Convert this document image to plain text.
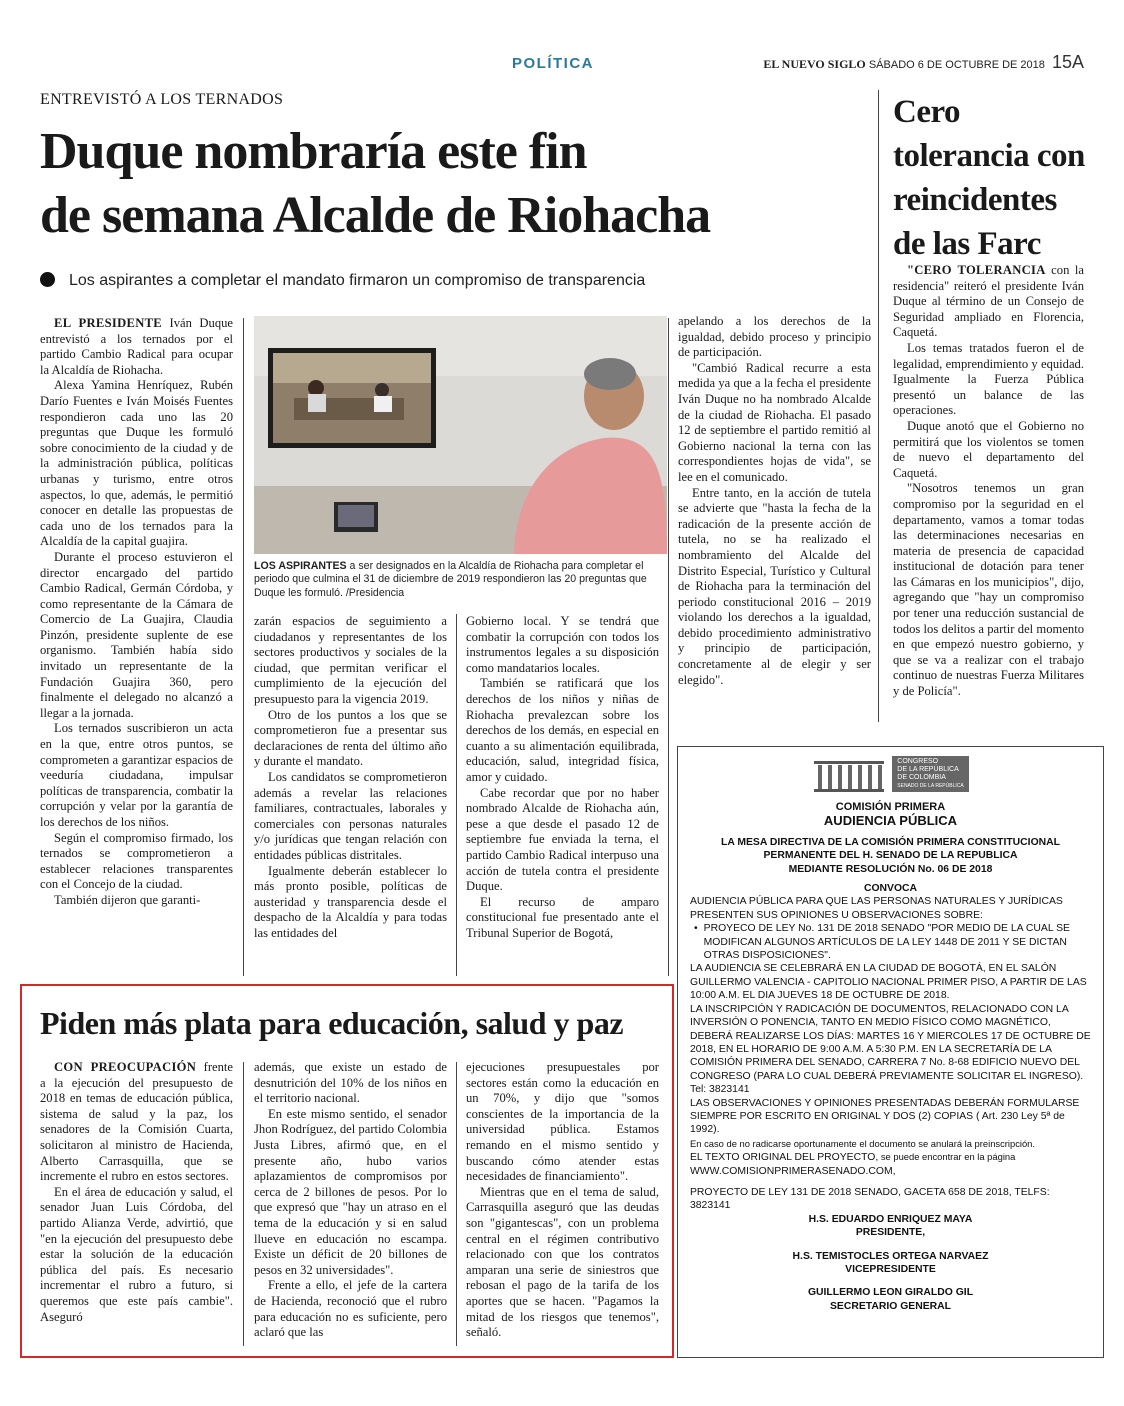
POLÍTICA	EL NUEVO SIGLO SÁBADO 6 DE OCTUBRE DE 2018 15A
ENTREVISTÓ A LOS TERNADOS
Duque nombraría este fin
de semana Alcalde de Riohacha
Los aspirantes a completar el mandato firmaron un compromiso de transparencia

EL PRESIDENTE Iván Duque entrevistó a los ternados por el partido Cambio Radical para ocupar la Alcaldía de Riohacha.

Alexa Yamina Henríquez, Rubén Darío Fuentes e Iván Moisés Fuentes respondieron cada uno las 20 preguntas que Duque les formuló sobre conocimiento de la ciudad y de la administración pública, políticas urbanas y turismo, entre otros aspectos, lo que, además, le permitió conocer en detalle las propuestas de cada uno de los ternados para la Alcaldía de la capital guajira.

Durante el proceso estuvieron el director encargado del partido Cambio Radical, Germán Córdoba, y como representante de la Cámara de Comercio de La Guajira, Claudia Pinzón, presidente suplente de ese organismo. También había sido invitado un representante de la Fundación Guajira 360, pero finalmente el delegado no alcanzó a llegar a la jornada.

Los ternados suscribieron un acta en la que, entre otros puntos, se comprometen a garantizar espacios de veeduría ciudadana, impulsar políticas de transparencia, combatir la corrupción y velar por la garantía de los derechos de los niños.

Según el compromiso firmado, los ternados se comprometieron a establecer relaciones transparentes con el Concejo de la ciudad.

También dijeron que garanti-

LOS ASPIRANTES a ser designados en la Alcaldía de Riohacha para completar el periodo que culmina el 31 de diciembre de 2019 respondieron las 20 preguntas que Duque les formuló. /Presidencia

zarán espacios de seguimiento a ciudadanos y representantes de los sectores productivos y sociales de la ciudad, que permitan verificar el cumplimiento de la ejecución del presupuesto para la vigencia 2019.

Otro de los puntos a los que se comprometieron fue a presentar sus declaraciones de renta del último año y durante el mandato.

Los candidatos se comprometieron además a revelar las relaciones familiares, contractuales, laborales y comerciales con personas naturales y/o jurídicas que tengan relación con entidades públicas distritales.

Igualmente deberán establecer lo más pronto posible, políticas de austeridad y transparencia desde el despacho de la Alcaldía y para todas las entidades del

Gobierno local. Y se tendrá que combatir la corrupción con todos los instrumentos legales a su disposición como mandatarios locales.

También se ratificará que los derechos de los niños y niñas de Riohacha prevalezcan sobre los derechos de los demás, en especial en cuanto a su alimentación equilibrada, educación, salud, integridad física, amor y cuidado.

Cabe recordar que por no haber nombrado Alcalde de Riohacha aún, pese a que desde el pasado 12 de septiembre fue enviada la terna, el partido Cambio Radical interpuso una acción de tutela contra el presidente Duque.

El recurso de amparo constitucional fue presentado ante el Tribunal Superior de Bogotá,

apelando a los derechos de la igualdad, debido proceso y principio de participación.

"Cambió Radical recurre a esta medida ya que a la fecha el presidente Iván Duque no ha nombrado Alcalde de la ciudad de Riohacha. El pasado 12 de septiembre el partido remitió al Gobierno nacional la terna con las correspondientes hojas de vida", se lee en el comunicado.

Entre tanto, en la acción de tutela se advierte que "hasta la fecha de la radicación de la presente acción de tutela, no se ha realizado el nombramiento del Alcalde del Distrito Especial, Turístico y Cultural de Riohacha para la terminación del periodo constitucional 2016 – 2019 violando los derechos a la igualdad, debido procedimiento administrativo y principio de participación, concretamente al de elegir y ser elegido".

Cero
tolerancia con
reincidentes
de las Farc

"CERO TOLERANCIA con la residencia" reiteró el presidente Iván Duque al término de un Consejo de Seguridad ampliado en Florencia, Caquetá.

Los temas tratados fueron el de legalidad, emprendimiento y equidad. Igualmente la Fuerza Pública presentó un balance de las operaciones.

Duque anotó que el Gobierno no permitirá que los violentos se tomen de nuevo el departamento del Caquetá.

"Nosotros tenemos un gran compromiso por la seguridad en el departamento, vamos a tomar todas las determinaciones necesarias en materia de presencia de capacidad institucional de dotación para tener las Cámaras en los municipios", dijo, agregando que "hay un compromiso por tener una reducción sustancial de todos los delitos a partir del momento en que empezó nuestro gobierno, y que se va a realizar con el trabajo continuo de nuestras Fuerza Militares y de Policía".

Piden más plata para educación, salud y paz

CON PREOCUPACIÓN frente a la ejecución del presupuesto de 2018 en temas de educación pública, sistema de salud y la paz, los senadores de la Comisión Cuarta, solicitaron al ministro de Hacienda, Alberto Carrasquilla, que se incremente el rubro en estos sectores.

En el área de educación y salud, el senador Juan Luis Córdoba, del partido Alianza Verde, advirtió, que "en la ejecución del presupuesto debe estar la solución de la educación pública del país. Es necesario incrementar el rubro a futuro, si queremos que este país cambie". Aseguró

además, que existe un estado de desnutrición del 10% de los niños en el territorio nacional.

En este mismo sentido, el senador Jhon Rodríguez, del partido Colombia Justa Libres, afirmó que, en el presente año, hubo varios aplazamientos de compromisos por cerca de 2 billones de pesos. Por lo que expresó que "hay un atraso en el tema de la educación y si en salud llueve en educación no escampa. Existe un déficit de 20 billones de pesos en 32 universidades".

Frente a ello, el jefe de la cartera de Hacienda, reconoció que el rubro para educación no es suficiente, pero aclaró que las

ejecuciones presupuestales por sectores están como la educación en un 70%, y dijo que "somos conscientes de la importancia de la universidad pública. Estamos remando en el mismo sentido y buscando cómo atender estas necesidades de financiamiento".

Mientras que en el tema de salud, Carrasquilla aseguró que las deudas son "gigantescas", con un problema central en el régimen contributivo relacionado con que los contratos amparan una serie de siniestros que rebosan el pago de la tarifa de los aportes que se hacen. "Pagamos la mitad de los riesgos que tenemos", señaló.

CONGRESO
DE LA REPÚBLICA
DE COLOMBIA
SENADO DE LA REPÚBLICA
COMISIÓN PRIMERA
AUDIENCIA PÚBLICA
LA MESA DIRECTIVA DE LA COMISIÓN PRIMERA CONSTITUCIONAL
PERMANENTE DEL H. SENADO DE LA REPUBLICA
MEDIANTE RESOLUCIÓN No. 06 DE 2018
CONVOCA
AUDIENCIA PÚBLICA PARA QUE LAS PERSONAS NATURALES Y JURÍDICAS PRESENTEN SUS OPINIONES U OBSERVACIONES SOBRE:
• PROYECO DE LEY No. 131 DE 2018 SENADO "POR MEDIO DE LA CUAL SE MODIFICAN ALGUNOS ARTÍCULOS DE LA LEY 1448 DE 2011 Y SE DICTAN OTRAS DISPOSICIONES".
LA AUDIENCIA SE CELEBRARÁ EN LA CIUDAD DE BOGOTÁ, EN EL SALÓN GUILLERMO VALENCIA - CAPITOLIO NACIONAL PRIMER PISO, A PARTIR DE LAS 10:00 A.M. EL DIA JUEVES 18 DE OCTUBRE DE 2018.
LA INSCRIPCIÓN Y RADICACIÓN DE DOCUMENTOS, RELACIONADO CON LA INVERSIÓN O PONENCIA, TANTO EN MEDIO FÍSICO COMO MAGNÉTICO, DEBERÁ REALIZARSE LOS DÍAS: MARTES 16 Y MIERCOLES 17 DE OCTUBRE DE 2018, EN EL HORARIO DE 9:00 A.M. A 5:30 P.M. EN LA SECRETARÍA DE LA COMISIÓN PRIMERA DEL SENADO, CARRERA 7 No. 8-68 EDIFICIO NUEVO DEL CONGRESO (PARA LO CUAL DEBERÁ PREVIAMENTE SOLICITAR EL INGRESO). Tel: 3823141
LAS OBSERVACIONES Y OPINIONES PRESENTADAS DEBERÁN FORMULARSE SIEMPRE POR ESCRITO EN ORIGINAL Y DOS (2) COPIAS ( Art. 230 Ley 5ª de 1992).
En caso de no radicarse oportunamente el documento se anulará la preinscripción.
EL TEXTO ORIGINAL DEL PROYECTO, se puede encontrar en la página
WWW.COMISIONPRIMERASENADO.COM,
PROYECTO DE LEY 131 DE 2018 SENADO, GACETA 658 DE 2018, TELFS: 3823141
H.S. EDUARDO ENRIQUEZ MAYA
PRESIDENTE,
H.S. TEMISTOCLES ORTEGA NARVAEZ
VICEPRESIDENTE
GUILLERMO LEON GIRALDO GIL
SECRETARIO GENERAL
